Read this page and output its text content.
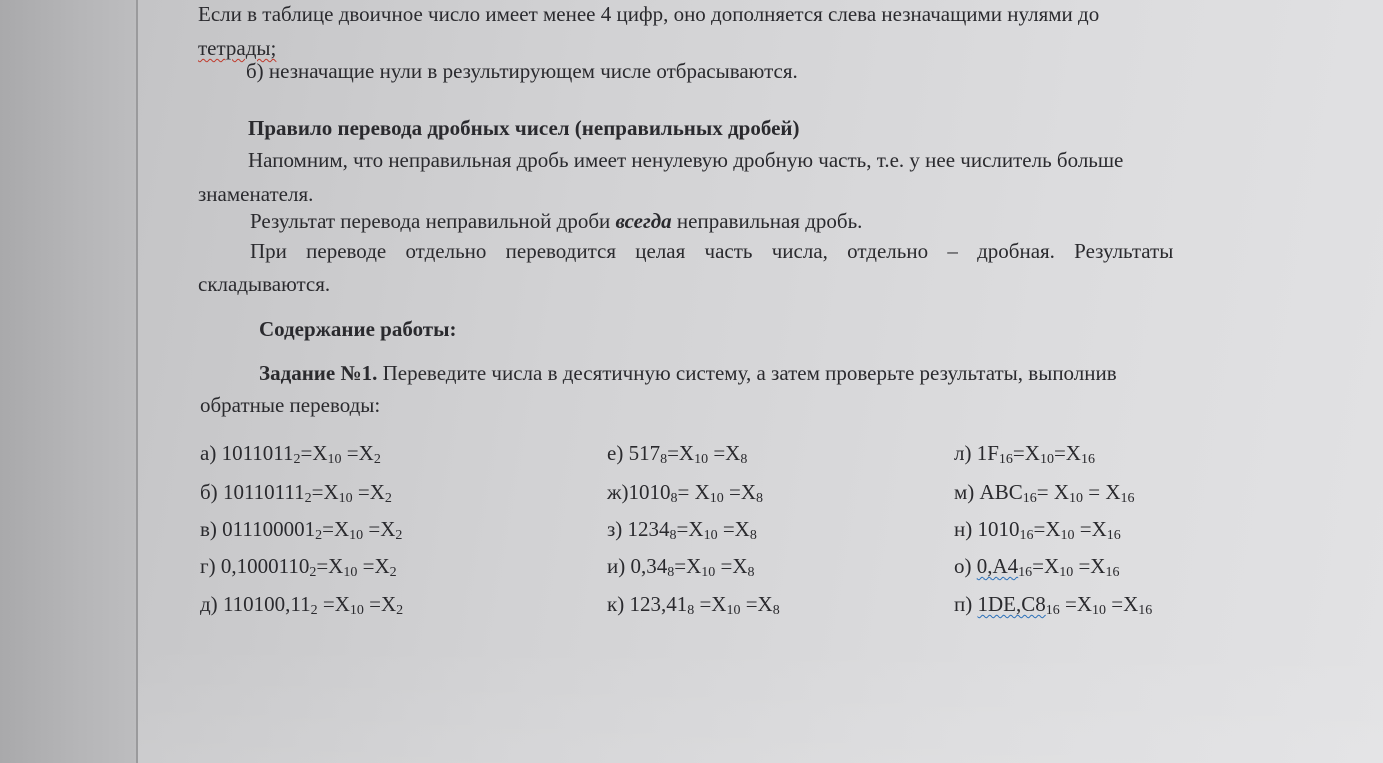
Если в таблице двоичное число имеет менее 4 цифр, оно дополняется слева незначащими нулями до
тетрады;
б) незначащие нули в результирующем числе отбрасываются.
Правило перевода дробных чисел (неправильных дробей)
Напомним, что неправильная дробь имеет ненулевую дробную часть, т.е. у нее числитель больше
знаменателя.
Результат перевода неправильной дроби всегда неправильная дробь.
При переводе отдельно переводится целая часть числа, отдельно – дробная. Результаты
складываются.
Содержание работы:
Задание №1. Переведите числа в десятичную систему, а затем проверьте результаты, выполнив
обратные переводы:
а) $1011011_2=X_{10} =X_2$
б) $10110111_2=X_{10} =X_2$
в) $011100001_2=X_{10} =X_2$
г) $0,1000110_2=X_{10} =X_2$
д) $110100,11_2 =X_{10} =X_2$
е) $517_8=X_{10} =X_8$
$ж)1010_8= X_{10} =X_8$
з) $1234_8=X_{10} =X_8$
и) $0,34_8=X_{10} =X_8$
к) $123,41_8 =X_{10} =X_8$
л) $1F_{16}=X_{10}=X_{16}$
м) $ABC_{16}= X_{10} = X_{16}$
н) $1010_{16}=X_{10} =X_{16}$
о) $0,A4_{16}=X_{10} =X_{16}$
п) $1DE,C8_{16} =X_{10} =X_{16}$
